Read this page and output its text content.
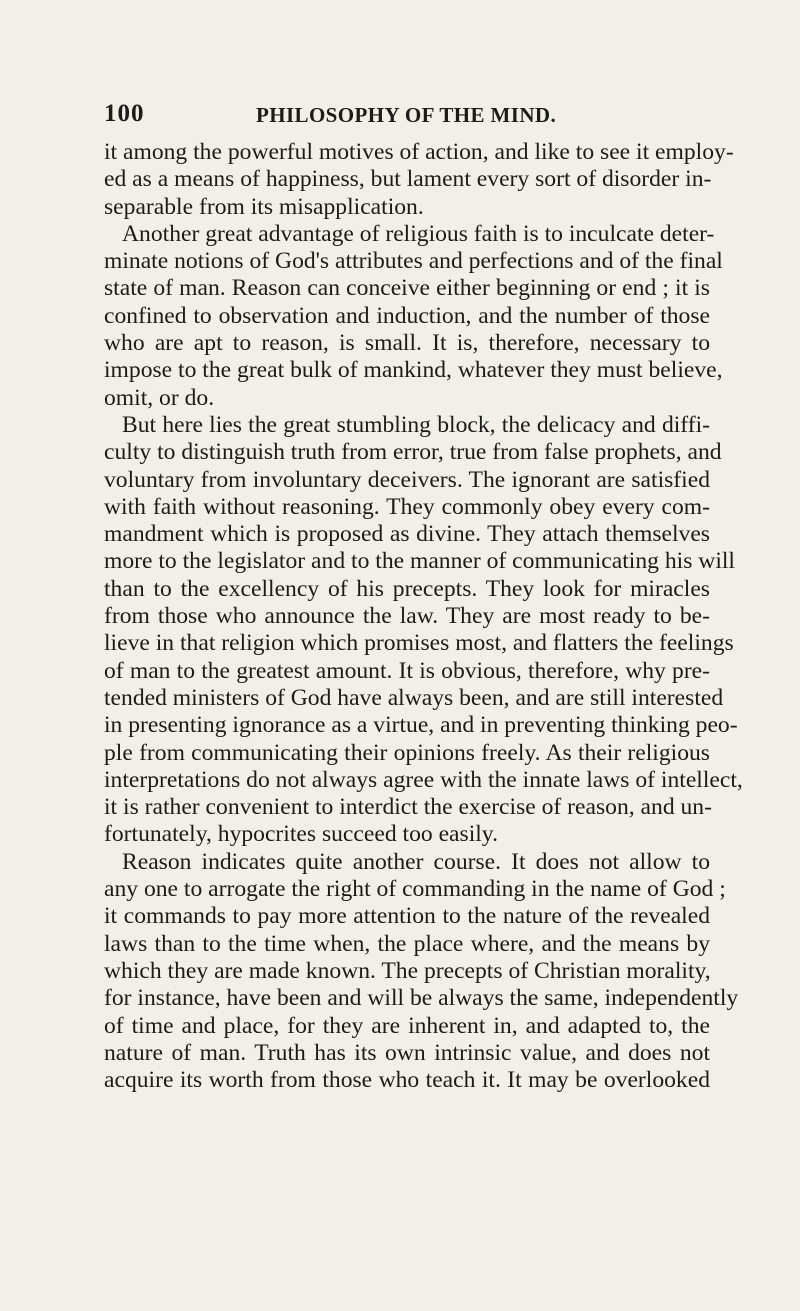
100	PHILOSOPHY OF THE MIND.
it among the powerful motives of action, and like to see it employ-
ed as a means of happiness, but lament every sort of disorder in-
separable from its misapplication.
Another great advantage of religious faith is to inculcate deter-
minate notions of God's attributes and perfections and of the final
state of man. Reason can conceive either beginning or end ; it is
confined to observation and induction, and the number of those
who are apt to reason, is small. It is, therefore, necessary to
impose to the great bulk of mankind, whatever they must believe,
omit, or do.
But here lies the great stumbling block, the delicacy and diffi-
culty to distinguish truth from error, true from false prophets, and
voluntary from involuntary deceivers. The ignorant are satisfied
with faith without reasoning. They commonly obey every com-
mandment which is proposed as divine. They attach themselves
more to the legislator and to the manner of communicating his will
than to the excellency of his precepts. They look for miracles
from those who announce the law. They are most ready to be-
lieve in that religion which promises most, and flatters the feelings
of man to the greatest amount. It is obvious, therefore, why pre-
tended ministers of God have always been, and are still interested
in presenting ignorance as a virtue, and in preventing thinking peo-
ple from communicating their opinions freely. As their religious
interpretations do not always agree with the innate laws of intellect,
it is rather convenient to interdict the exercise of reason, and un-
fortunately, hypocrites succeed too easily.
Reason indicates quite another course. It does not allow to
any one to arrogate the right of commanding in the name of God ;
it commands to pay more attention to the nature of the revealed
laws than to the time when, the place where, and the means by
which they are made known. The precepts of Christian morality,
for instance, have been and will be always the same, independently
of time and place, for they are inherent in, and adapted to, the
nature of man. Truth has its own intrinsic value, and does not
acquire its worth from those who teach it. It may be overlooked
